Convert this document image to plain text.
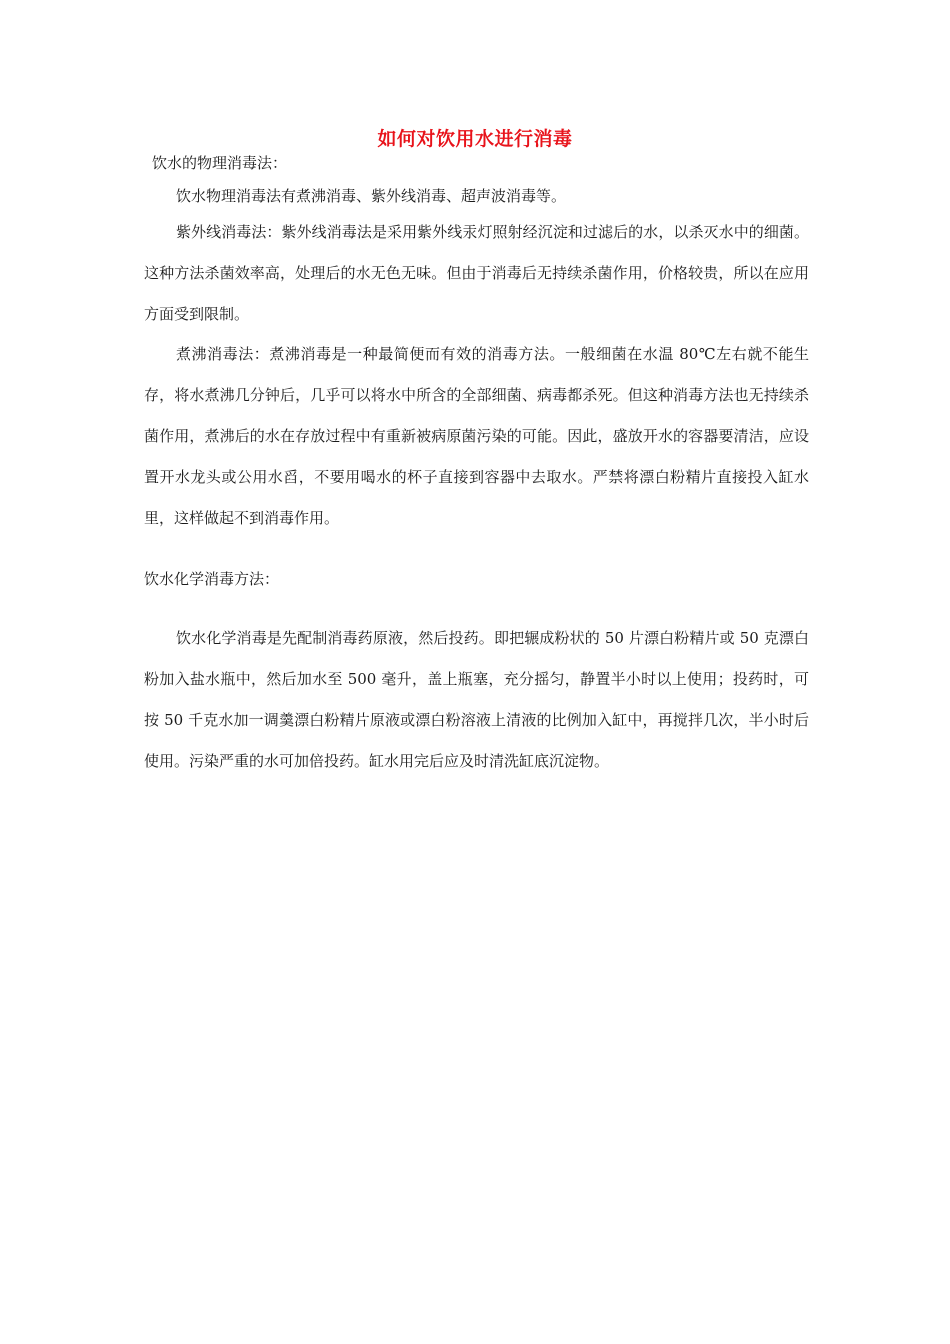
如何对饮用水进行消毒

饮水的物理消毒法：

饮水物理消毒法有煮沸消毒、紫外线消毒、超声波消毒等。

紫外线消毒法：紫外线消毒法是采用紫外线汞灯照射经沉淀和过滤后的水，以杀灭水中的细菌。这种方法杀菌效率高，处理后的水无色无味。但由于消毒后无持续杀菌作用，价格较贵，所以在应用方面受到限制。

煮沸消毒法：煮沸消毒是一种最简便而有效的消毒方法。一般细菌在水温 80℃左右就不能生存，将水煮沸几分钟后，几乎可以将水中所含的全部细菌、病毒都杀死。但这种消毒方法也无持续杀菌作用，煮沸后的水在存放过程中有重新被病原菌污染的可能。因此，盛放开水的容器要清洁，应设置开水龙头或公用水舀，不要用喝水的杯子直接到容器中去取水。严禁将漂白粉精片直接投入缸水里，这样做起不到消毒作用。

饮水化学消毒方法：

饮水化学消毒是先配制消毒药原液，然后投药。即把辗成粉状的 50 片漂白粉精片或 50 克漂白粉加入盐水瓶中，然后加水至 500 毫升，盖上瓶塞，充分摇匀，静置半小时以上使用；投药时，可按 50 千克水加一调羹漂白粉精片原液或漂白粉溶液上清液的比例加入缸中，再搅拌几次，半小时后使用。污染严重的水可加倍投药。缸水用完后应及时清洗缸底沉淀物。
